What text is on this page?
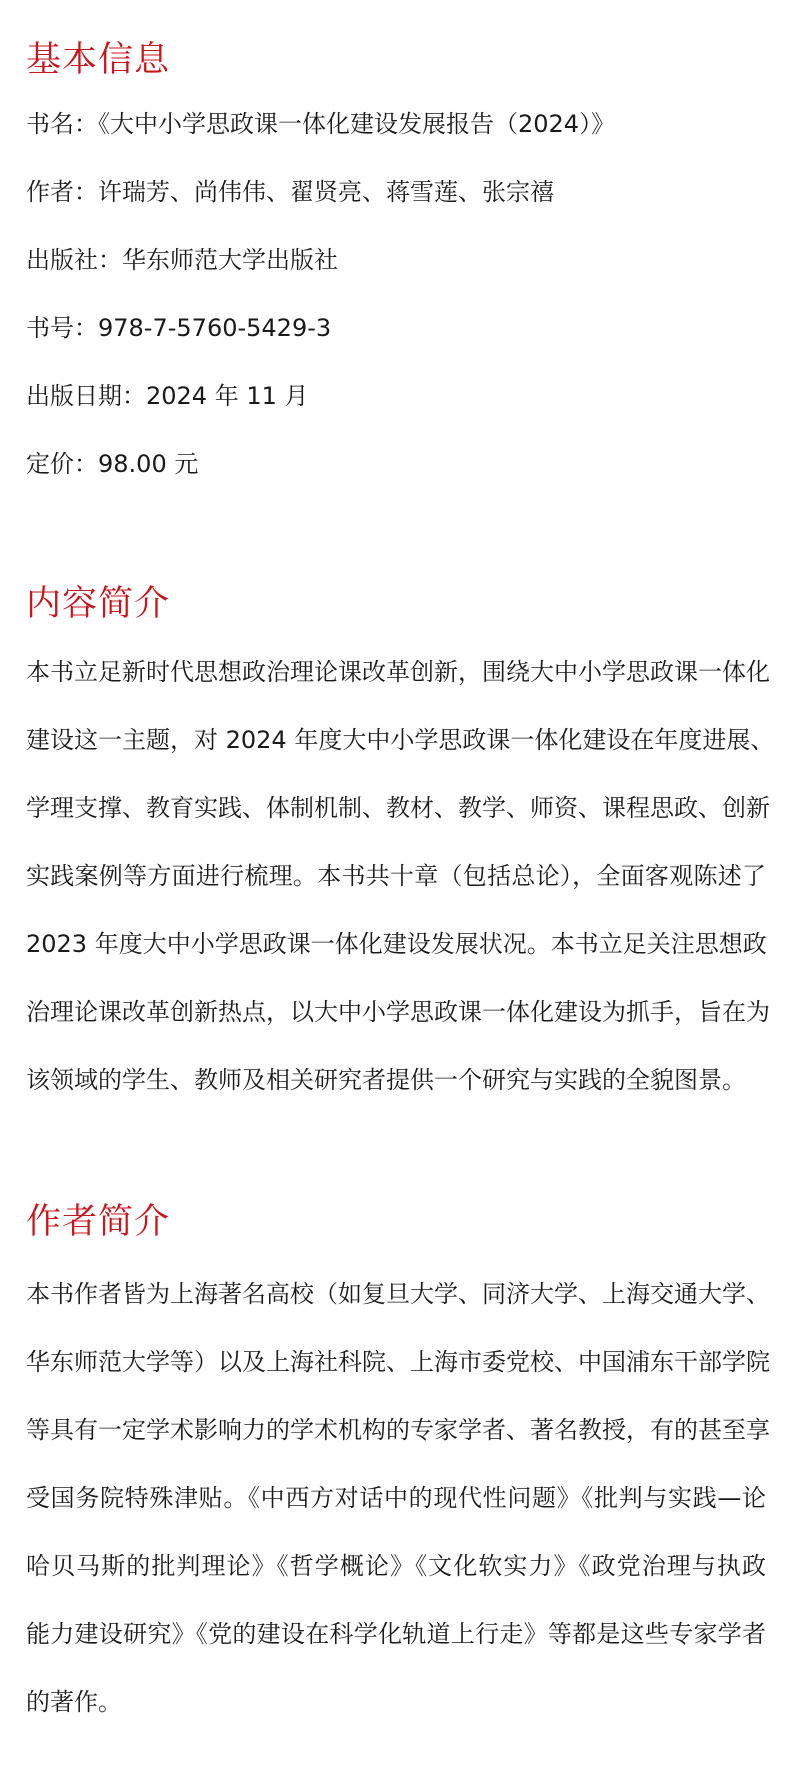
基本信息
书名：《大中小学思政课一体化建设发展报告（2024）》
作者：许瑞芳、尚伟伟、翟贤亮、蒋雪莲、张宗禧
出版社：华东师范大学出版社
书号：978-7-5760-5429-3
出版日期：2024 年 11 月
定价：98.00 元
内容简介

本书立足新时代思想政治理论课改革创新，围绕大中小学思政课一体化
建设这一主题，对 2024 年度大中小学思政课一体化建设在年度进展、
学理支撑、教育实践、体制机制、教材、教学、师资、课程思政、创新
实践案例等方面进行梳理。本书共十章（包括总论），全面客观陈述了
2023 年度大中小学思政课一体化建设发展状况。本书立足关注思想政
治理论课改革创新热点，以大中小学思政课一体化建设为抓手，旨在为
该领域的学生、教师及相关研究者提供一个研究与实践的全貌图景。

作者简介

本书作者皆为上海著名高校（如复旦大学、同济大学、上海交通大学、
华东师范大学等）以及上海社科院、上海市委党校、中国浦东干部学院
等具有一定学术影响力的学术机构的专家学者、著名教授，有的甚至享
受国务院特殊津贴。《中西方对话中的现代性问题》《批判与实践—论
哈贝马斯的批判理论》《哲学概论》《文化软实力》《政党治理与执政
能力建设研究》《党的建设在科学化轨道上行走》等都是这些专家学者
的著作。
